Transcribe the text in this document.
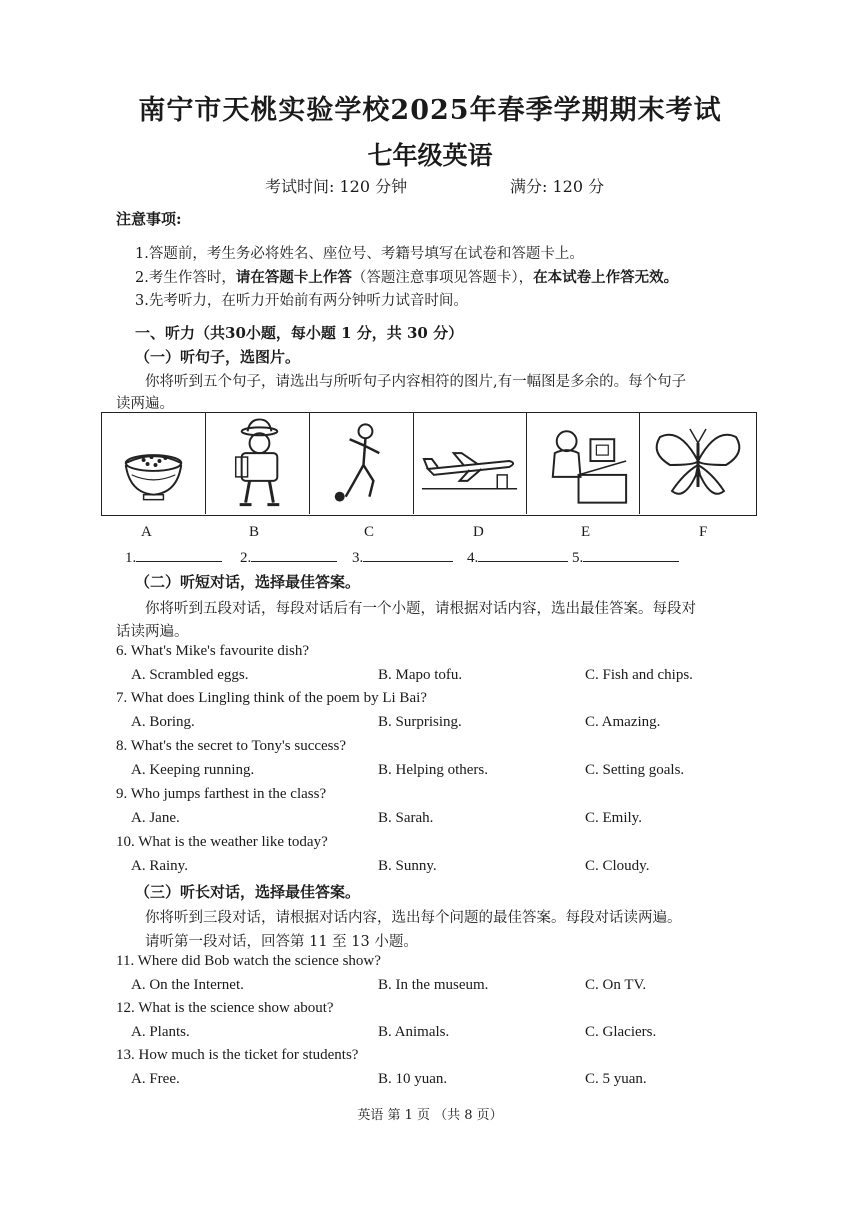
南宁市天桃实验学校2025年春季学期期末考试
七年级英语
考试时间: 120 分钟	满分: 120 分
注意事项:
1.答题前，考生务必将姓名、座位号、考籍号填写在试卷和答题卡上。
2.考生作答时，请在答题卡上作答（答题注意事项见答题卡），在本试卷上作答无效。
3.先考听力，在听力开始前有两分钟听力试音时间。
一、听力（共30小题，每小题 1 分，共 30 分）
（一）听句子，选图片。
你将听到五个句子，请选出与所听句子内容相符的图片,有一幅图是多余的。每个句子
读两遍。
A	B	C	D	E	F
1.	2.	3.	4.	5.
（二）听短对话，选择最佳答案。
你将听到五段对话，每段对话后有一个小题，请根据对话内容，选出最佳答案。每段对
话读两遍。
6. What's Mike's favourite dish?
A. Scrambled eggs.	B. Mapo tofu.	C. Fish and chips.
7. What does Lingling think of the poem by Li Bai?
A. Boring.	B. Surprising.	C. Amazing.
8. What's the secret to Tony's success?
A. Keeping running.	B. Helping others.	C. Setting goals.
9. Who jumps farthest in the class?
A. Jane.	B. Sarah.	C. Emily.
10. What is the weather like today?
A. Rainy.	B. Sunny.	C. Cloudy.
（三）听长对话，选择最佳答案。
你将听到三段对话，请根据对话内容，选出每个问题的最佳答案。每段对话读两遍。
请听第一段对话，回答第 11 至 13 小题。
11. Where did Bob watch the science show?
A. On the Internet.	B. In the museum.	C. On TV.
12. What is the science show about?
A. Plants.	B. Animals.	C. Glaciers.
13. How much is the ticket for students?
A. Free.	B. 10 yuan.	C. 5 yuan.
英语 第 1 页 （共 8 页）
